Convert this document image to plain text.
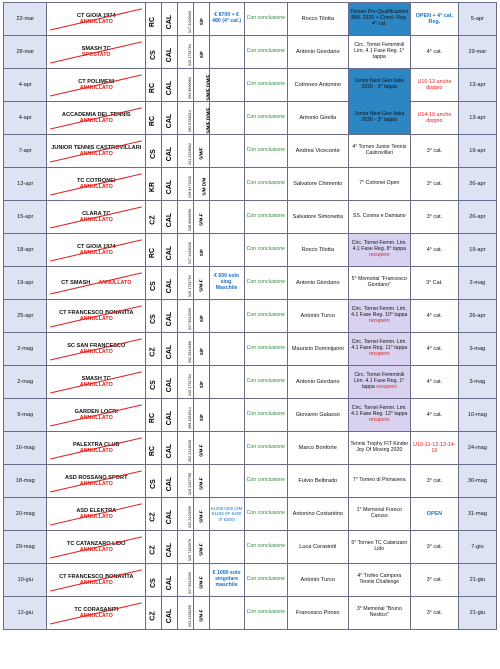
22-mar	CT GIOIA 1974
ANNULLATO	RC	CAL	347 3480026	S/F	€ 8700 + € 480 (4° cat.)	Con conclusione	Rocco Tilotta	Torneo Pre-Qualificazioni BNL 2020 + Concl. Reg. 4° cat.	OPEN + 4° cat. Reg.	5-apr
28-mar	SMASH TC
SPOSTATO	CS	CAL	345 1751764	S/F		Con conclusione	Antonio Giordano	Circ. Tornei Femminili Lim. 4.1 Fase Reg. 1° tappa	4° cat.	29-mar
4-apr	CT POLIMENI
ANNULLATO	RC	CAL	393 9690083	S/M/F D/M/F		Con conclusione	Cotroneo Antonino	Junior Next Gen Italia 2020 - 3° tappa	U10-12 anche doppio	13-apr
4-apr	ACCADEMIA DEL TENNIS
ANNULLATO	RC	CAL	392 6786214	S/M/F D/M/F		Con conclusione	Antonio Girella	Junior Next Gen Italia 2020 - 3° tappa	U14-16 anche doppio	13-apr
7-apr	JUNIOR TENNIS CASTROVILLARI
ANNULLATO	CS	CAL	331 2159062	S/M/F		Con conclusione	Andrea Viceconte	4° Torneo Junior Tennis Castrovillari	3° cat.	19-apr
13-apr	TC COTRONEI
ANNULLATO	KR	CAL	339 8472943	S/M D/M		Con conclusione	Salvatore Chimento	7° Cotronei Open	3° cat.	26-apr
15-apr	CLARA TC
ANNULLATO	CZ	CAL	338 9066590	S/M-F		Con conclusione	Salvatore Simonetta	SS. Cosma e Damiano	3° cat.	26-apr
18-apr	CT GIOIA 1974
ANNULLATO	RC	CAL	347 3480026	S/F		Con conclusione	Rocco Tilotta	Circ. Tornei Femm. Lim. 4.1 Fase Reg. 8° tappa recupero	4° cat.	19-apr
19-apr	CT SMASH ANNULLATO	CS	CAL	345 1751764	S/M-F	€ 600 solo sing. Maschile	Con conclusione	Antonio Giordano	5° Memorial "Francesco Giordano"	3° Cat.	2-mag
25-apr	CT FRANCESCO BONAVITA
ANNULLATO	CS	CAL	347 5042500	S/F		Con conclusione	Antonio Turco	Circ. Tornei Femm. Lim. 4.1 Fase Reg. 10° tappa recupero	4° cat.	26-apr
2-mag	SC SAN FRANCESCO
ANNULLATO	CZ	CAL	392 0514686	S/F		Con conclusione	Maurizio Dominijanni	Circ. Tornei Femm. Lim. 4.1 Fase Reg. 11° tappa recupero	4° cat.	3-mag
2-mag	SMASH TC
ANNULLATO	CS	CAL	345 1751764	S/F		Con conclusione	Antonio Giordano	Circ. Tornei Femminili Lim. 4.1 Fase Reg. 1° tappa recupero	4° cat.	3-mag
9-mag	GARDEN LOCRI
ANNULLATO	RC	CAL	389 1151844	S/F		Con conclusione	Giovanni Galasso	Circ. Tornei Femm. Lim. 4.1 Fase Reg. 12° tappa recupero	4° cat.	10-mag
16-mag	PALEXTRA CLUB
ANNULLATO	RC	CAL	392 2218838	S/M-F		Con conclusione	Marco Bonforte	Tennis Trophy FIT Kinder Joy Of Moving 2020	U10-11-12-13-14-16	24-mag
18-mag	ASD ROSSANO SPORT
ANNULLATO	CS	CAL	329 3487788	S/M-F		Con conclusione	Fulvio Belbrado	7° Torneo di Primavera	3° cat.	30-mag
20-mag	ASD ELEKTRA
ANNULLATO	CZ	CAL	333 2320009	S/M-F	€1200+200 (SM €1100 SF €100 3ª €200)	Con conclusione	Antonino Costantino	1° Memorial Franco Caruso	OPEN	31-mag
29-mag	TC CATANZARO LIDO
ANNULLATO	CZ	CAL	329 7183978	S/M-F		Con conclusione	Luca Corasiniti	5° Torneo TC Catanzaro Lido	3° cat.	7-giu
10-giu	CT FRANCESCO BONAVITA
ANNULLATO	CS	CAL	347 5042500	S/M-F	€ 1000 solo singolare maschile	Con conclusione	Antonio Turco	4° Trofeo Campora Tennis Challenge	3° cat.	21-giu
12-giu	TC CORASANITI
ANNULLATO	CZ	CAL	333 2358255	S/M-F		Con conclusione	Francesco Piroso	3° Memorial "Bruno Nestico"	3° cat.	21-giu
